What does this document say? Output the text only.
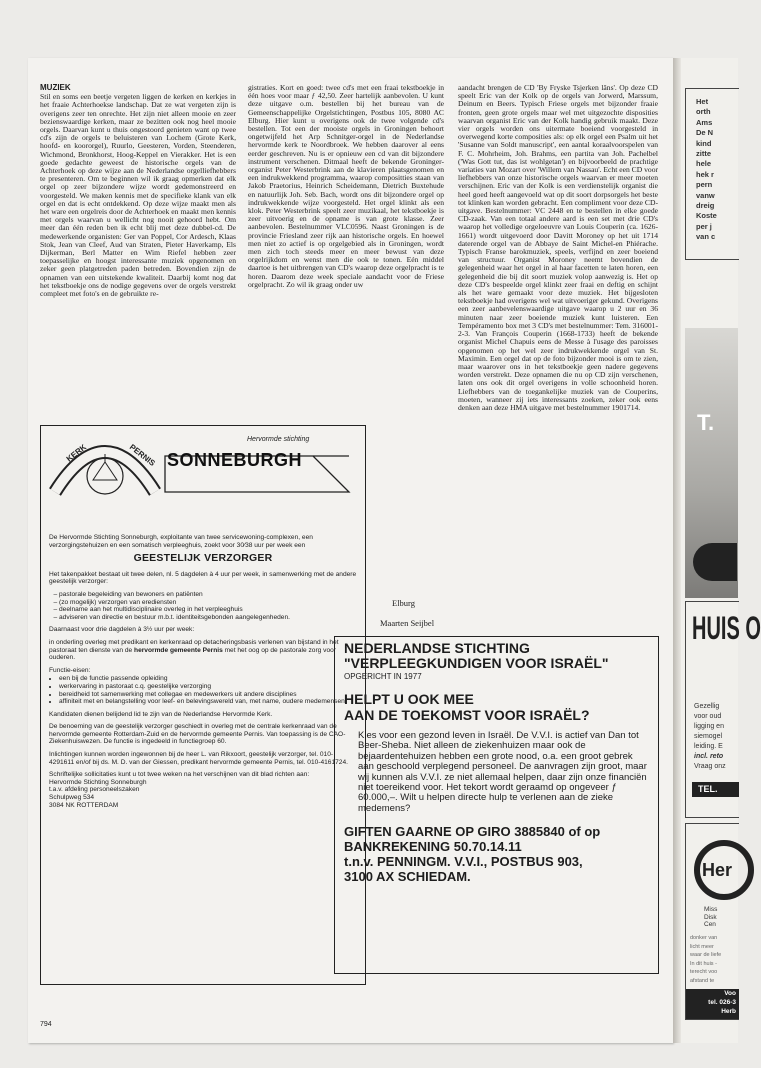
MUZIEK

Stil en soms een beetje vergeten liggen de kerken en kerkjes in het fraaie Achterhoekse landschap. Dat ze wat vergeten zijn is overigens zeer ten onrechte. Het zijn niet alleen mooie en zeer bezienswaardige kerken, maar ze bezitten ook nog heel mooie orgels. Daarvan kunt u thuis ongestoord genieten want op twee cd's zijn de orgels te beluisteren van Lochem (Grote Kerk, hoofd- en koororgel), Ruurlo, Geesteren, Vorden, Steenderen, Wichmond, Bronkhorst, Hoog-Keppel en Vierakker. Het is een goede gedachte geweest de historische orgels van de Achterhoek op deze wijze aan de Nederlandse orgelliefhebbers te presenteren. Om te beginnen wil ik graag opmerken dat elk orgel op zeer bijzondere wijze wordt gedemonstreerd en voorgesteld. We maken kennis met de specifieke klank van elk orgel en dat is echt ontdekkend. Op deze wijze maakt men als het ware een orgelreis door de Achterhoek en maakt men kennis met orgels waarvan u wellicht nog nooit gehoord hebt. Om meer dan één reden ben ik echt blij met deze dubbel-cd. De medewerkende organisten: Ger van Poppel, Cor Ardesch, Klaas Stok, Jean van Cleef, Aud van Straten, Pieter Haverkamp, Els Dijkerman, Berl Matter en Wim Riefel hebben zeer toepasselijke en hoogst interessante muziek opgenomen en zeker geen platgetreden paden betreden. Bovendien zijn de opnamen van een uitstekende kwaliteit. Daarbij komt nog dat het tekstboekje ons de nodige gegevens over de orgels verstrekt compleet met foto's en de gebruikte re-

gistraties. Kort en goed: twee cd's met een fraai tekstboekje in één hoes voor maar ƒ 42,50. Zeer hartelijk aanbevolen. U kunt deze uitgave o.m. bestellen bij het bureau van de Gemeenschappelijke Orgelstichtingen, Postbus 105, 8080 AC Elburg. Hier kunt u overigens ook de twee volgende cd's bestellen. Tot een der mooiste orgels in Groningen behoort ongetwijfeld het Arp Schnitger-orgel in de Nederlandse hervormde kerk te Noordbroek. We hebben daarover al eens eerder geschreven. Nu is er opnieuw een cd van dit bijzondere instrument verschenen. Ditmaal heeft de bekende Groninger-organist Peter Westerbrink aan de klavieren plaatsgenomen en een indrukwekkend programma, waarop compositties staan van Jakob Praetorius, Heinrich Scheidemann, Dietrich Buxtehude en natuurlijk Joh. Seb. Bach, wordt ons dit bijzondere orgel op indrukwekkende wijze voorgesteld. Het orgel klinkt als een klok. Peter Westerbrink speelt zeer muzikaal, het tekstboekje is zeer uitvoerig en de opname is van grote klasse. Zeer aanbevolen. Bestelnummer VLC0596. Naast Groningen is de provincie Friesland zeer rijk aan historische orgels. En hoewel men niet zo actief is op orgelgebied als in Groningen, wordt men zich toch steeds meer en meer bewust van deze orgelrijkdom en wenst men die ook te tonen. Eén middel daartoe is het uitbrengen van CD's waarop deze orgelpracht is te horen. Daarom deze week speciale aandacht voor de Friese orgelpracht. Zo wil ik graag onder uw

aandacht brengen de CD 'By Fryske Tsjerken lâns'. Op deze CD speelt Eric van der Kolk op de orgels van Jorwerd, Marssum, Deinum en Beers. Typisch Friese orgels met bijzonder fraaie fronten, geen grote orgels maar wel met uitgezochte disposities waarvan organist Eric van der Kolk handig gebruik maakt. Deze vier orgels worden ons uitermate boeiend voorgesteld in overwegend korte composities als: op elk orgel een Psalm uit het 'Susanne van Soldt manuscript', een aantal koraalvoorspelen van F. C. Mohrheim, Joh. Brahms, een partita van Joh. Pachelbel ('Was Gott tut, das ist wohlgetan') en bijvoorbeeld de prachtige variaties van Mozart over 'Willem van Nassau'. Echt een CD voor liefhebbers van onze historische orgels waarvan er meer moeten verschijnen. Eric van der Kolk is een verdienstelijk organist die heel goed heeft aangevoeld wat op dit soort dorpsorgels het beste tot klinken kan worden gebracht. Een compliment voor deze CD-uitgave. Bestelnummer: VC 2448 en te bestellen in elke goede CD-zaak. Van een totaal andere aard is een set met drie CD's waarop het volledige orgeloeuvre van Louis Couperin (ca. 1626-1661) wordt uitgevoerd door Davitt Moroney op het uit 1714 daterende orgel van de Abbaye de Saint Michel-en Phiérache. Typisch Franse barokmuziek, speels, verfijnd en zeer boeiend van structuur. Organist Moroney neemt bovendien de gelegenheid waar het orgel in al haar facetten te laten horen, een gelegenheid die bij dit soort muziek volop aanwezig is. Het op deze CD's bespeelde orgel klinkt zeer fraai en deftig en schijnt als het ware gemaakt voor deze muziek. Het bijgesloten tekstboekje had overigens wel wat uitvoeriger gekund. Overigens een zeer aanbevelenswaardige uitgave waarop u 2 uur en 36 minuten naar zeer boeiende muziek kunt luisteren. Een Tempéramento box met 3 CD's met bestelnummer: Tem. 316001-2-3. Van François Couperin (1668-1733) heeft de bekende organist Michel Chapuis eens de Messe à l'usage des paroisses opgenomen op het wel zeer indrukwekkende orgel van St. Maximin. Een orgel dat op de foto bijzonder mooi is om te zien, maar waarover ons in het tekstboekje geen nadere gegevens worden verstrekt. Deze opnamen die nu op CD zijn verschenen, laten ons ook dit orgel overigens in volle schoonheid horen. Liefhebbers van de toegankelijke muziek van de Couperins, moeten, wanneer zij iets interessants zoeken, zeker ook eens denken aan deze HMA uitgave met bestelnummer 1901714.

Elburg
Maarten Seijbel
KERK	PERNIS
Hervormde stichting
SONNEBURGH

De Hervormde Stichting Sonneburgh, exploitante van twee servicewoning-complexen, een verzorgingstehuizen en een somatisch verpleeghuis, zoekt voor 30⁄38 uur per week een

GEESTELIJK VERZORGER

Het takenpakket bestaat uit twee delen, nl. 5 dagdelen à 4 uur per week, in samenwerking met de andere geestelijk verzorger:

– pastorale begeleiding van bewoners en patiënten
– (zo mogelijk) verzorgen van erediensten
– deelname aan het multidisciplinaire overleg in het verpleeghuis
– adviseren van directie en bestuur m.b.t. identiteitsgebonden aangelegenheden.

Daarnaast voor drie dagdelen à 3½ uur per week:

in onderling overleg met predikant en kerkenraad op detacheringsbasis verlenen van bijstand in het pastoraat ten dienste van de hervormde gemeente Pernis met het oog op de pastorale zorg voor ouderen.

Functie-eisen:

• een bij de functie passende opleiding
• werkervaring in pastoraat c.q. geestelijke verzorging
• bereidheid tot samenwerking met collegae en medewerkers uit andere disciplines
• affiniteit met en belangstelling voor leef- en belevingswereld van, met name, oudere medemensen.

Kandidaten dienen belijdend lid te zijn van de Nederlandse Hervormde Kerk.

De benoeming van de geestelijk verzorger geschiedt in overleg met de centrale kerkenraad van de hervormde gemeente Rotterdam-Zuid en de hervormde gemeente Pernis. Van toepassing is de CAO-Ziekenhuiswezen. De functie is ingedeeld in functiegroep 60.

Inlichtingen kunnen worden ingewonnen bij de heer L. van Rikxoort, geestelijk verzorger, tel. 010-4291611 en/of bij ds. M. D. van der Giessen, predikant hervormde gemeente Pernis, tel. 010-4161724.

Schriftelijke sollicitaties kunt u tot twee weken na het verschijnen van dit blad richten aan:

Hervormde Stichting Sonneburgh
t.a.v. afdeling personeelszaken
Schulpweg 534
3084 NK ROTTERDAM
NEDERLANDSE STICHTING
"VERPLEEGKUNDIGEN VOOR ISRAËL"
OPGERICHT IN 1977
HELPT U OOK MEE
AAN DE TOEKOMST VOOR ISRAËL?
Kies voor een gezond leven in Israël. De V.V.I. is actief van Dan tot Beer-Sheba. Niet alleen de ziekenhuizen maar ook de bejaardentehuizen hebben een grote nood, o.a. een groot gebrek aan geschoold verplegend personeel. De aanvragen zijn groot, maar wij kunnen als V.V.I. ze niet allemaal helpen, daar zijn onze financiën niet toereikend voor. Het tekort wordt geraamd op ongeveer ƒ 60.000,–. Wilt u helpen directe hulp te verlenen aan de zieke medemens?
GIFTEN GAARNE OP GIRO 3885840 of op
BANKREKENING 50.70.14.11
t.n.v. PENNINGM. V.V.I., POSTBUS 903,
3100 AX SCHIEDAM.
794
Het
orth
Ams
De N
kind
zitte
hele
hek r
pern
vanw
dreig
Koste
per j
van c
T.
HUIS O
Gezellig
voor oud
ligging en
siemogel
leiding. E
incl. reto
Vraag onz
TEL.
Her
Miss
Disk
Cen
donker van
licht meer
waar de liefe
In dit huis -
terecht voo
afstand te
Voo
tel. 026-3
Herb
